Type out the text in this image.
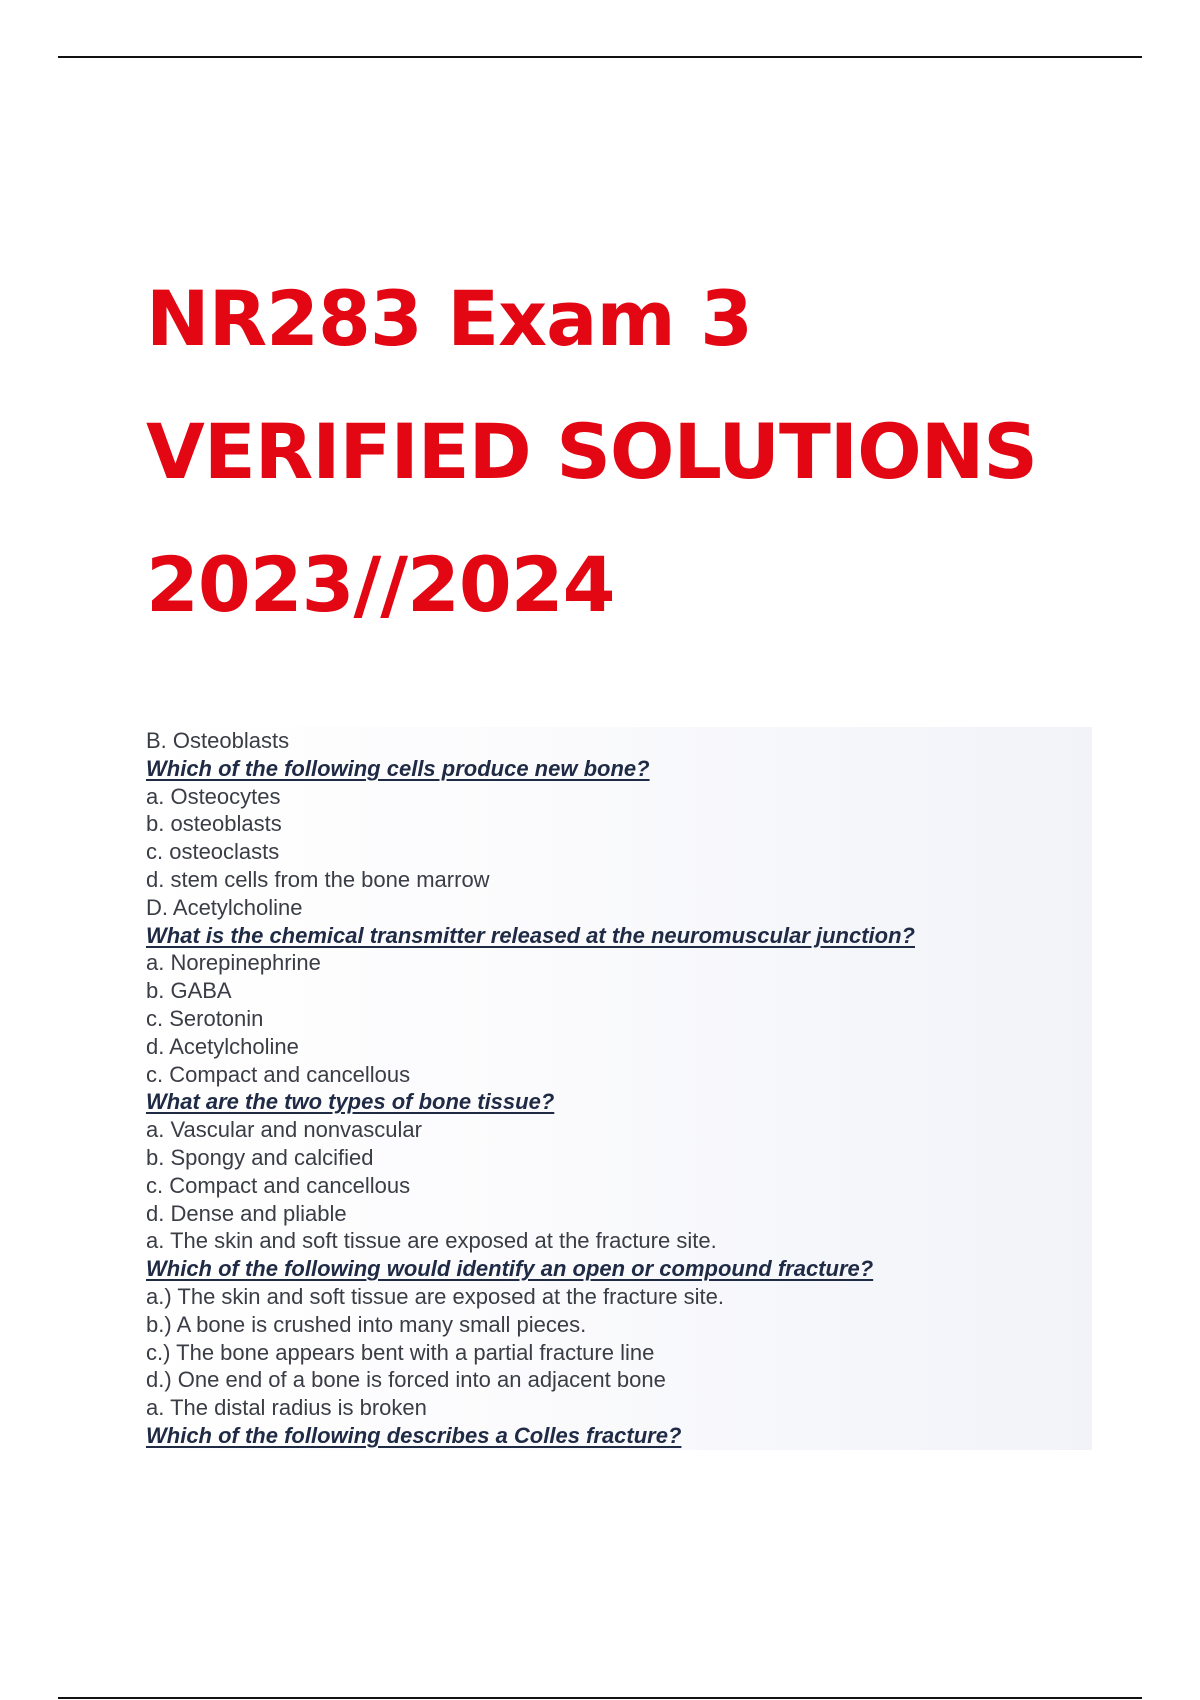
NR283 Exam 3
VERIFIED SOLUTIONS
2023//2024
B. Osteoblasts
Which of the following cells produce new bone?
a. Osteocytes
b. osteoblasts
c. osteoclasts
d. stem cells from the bone marrow
D. Acetylcholine
What is the chemical transmitter released at the neuromuscular junction?
a. Norepinephrine
b. GABA
c. Serotonin
d. Acetylcholine
c. Compact and cancellous
What are the two types of bone tissue?
a. Vascular and nonvascular
b. Spongy and calcified
c. Compact and cancellous
d. Dense and pliable
a. The skin and soft tissue are exposed at the fracture site.
Which of the following would identify an open or compound fracture?
a.) The skin and soft tissue are exposed at the fracture site.
b.) A bone is crushed into many small pieces.
c.) The bone appears bent with a partial fracture line
d.) One end of a bone is forced into an adjacent bone
a. The distal radius is broken
Which of the following describes a Colles fracture?
